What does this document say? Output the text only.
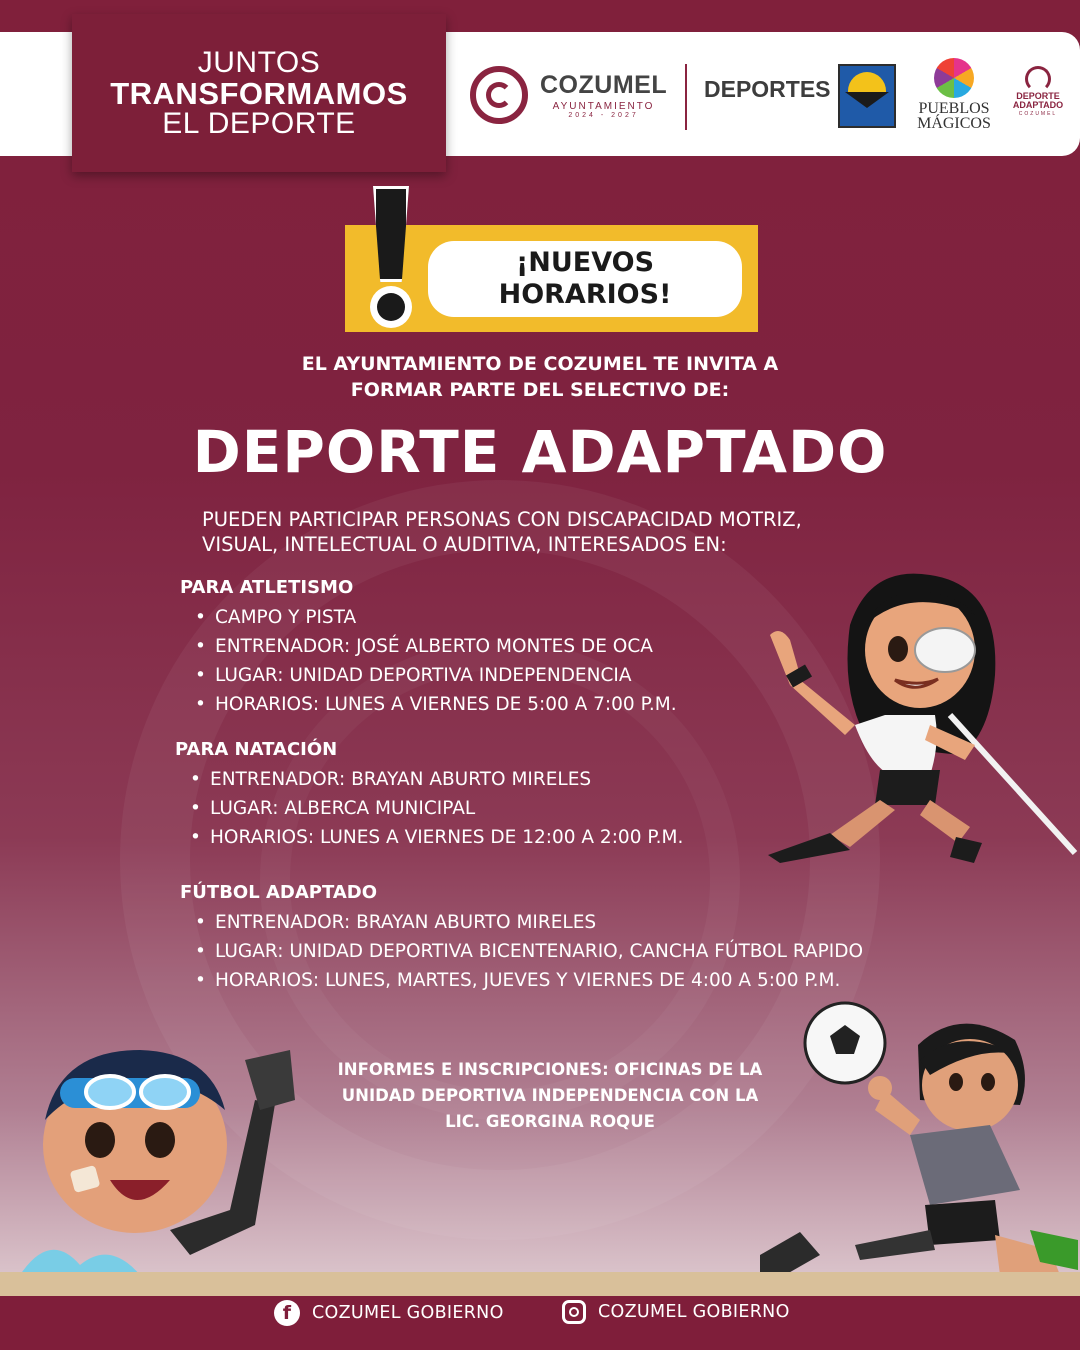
JUNTOS
TRANSFORMAMOS
EL DEPORTE
COZUMEL
AYUNTAMIENTO
2024 - 2027
DEPORTES
PUEBLOS MÁGICOS
DEPORTE ADAPTADO
COZUMEL
¡NUEVOS
HORARIOS!
EL AYUNTAMIENTO DE COZUMEL TE INVITA A
FORMAR PARTE DEL SELECTIVO DE:
DEPORTE ADAPTADO
PUEDEN PARTICIPAR PERSONAS CON DISCAPACIDAD MOTRIZ,
VISUAL, INTELECTUAL O AUDITIVA, INTERESADOS EN:
PARA ATLETISMO
• CAMPO Y PISTA
• ENTRENADOR: JOSÉ ALBERTO MONTES DE OCA
• LUGAR: UNIDAD DEPORTIVA INDEPENDENCIA
• HORARIOS: LUNES A VIERNES DE 5:00 A 7:00 P.M.
PARA NATACIÓN
• ENTRENADOR: BRAYAN ABURTO MIRELES
• LUGAR: ALBERCA MUNICIPAL
• HORARIOS: LUNES A VIERNES DE 12:00 A 2:00 P.M.
FÚTBOL ADAPTADO
• ENTRENADOR: BRAYAN ABURTO MIRELES
• LUGAR: UNIDAD DEPORTIVA BICENTENARIO, CANCHA FÚTBOL RAPIDO
• HORARIOS: LUNES, MARTES, JUEVES Y VIERNES DE 4:00 A 5:00 P.M.
INFORMES E INSCRIPCIONES: OFICINAS DE LA
UNIDAD DEPORTIVA INDEPENDENCIA CON LA
LIC. GEORGINA ROQUE
f	COZUMEL GOBIERNO	COZUMEL GOBIERNO
